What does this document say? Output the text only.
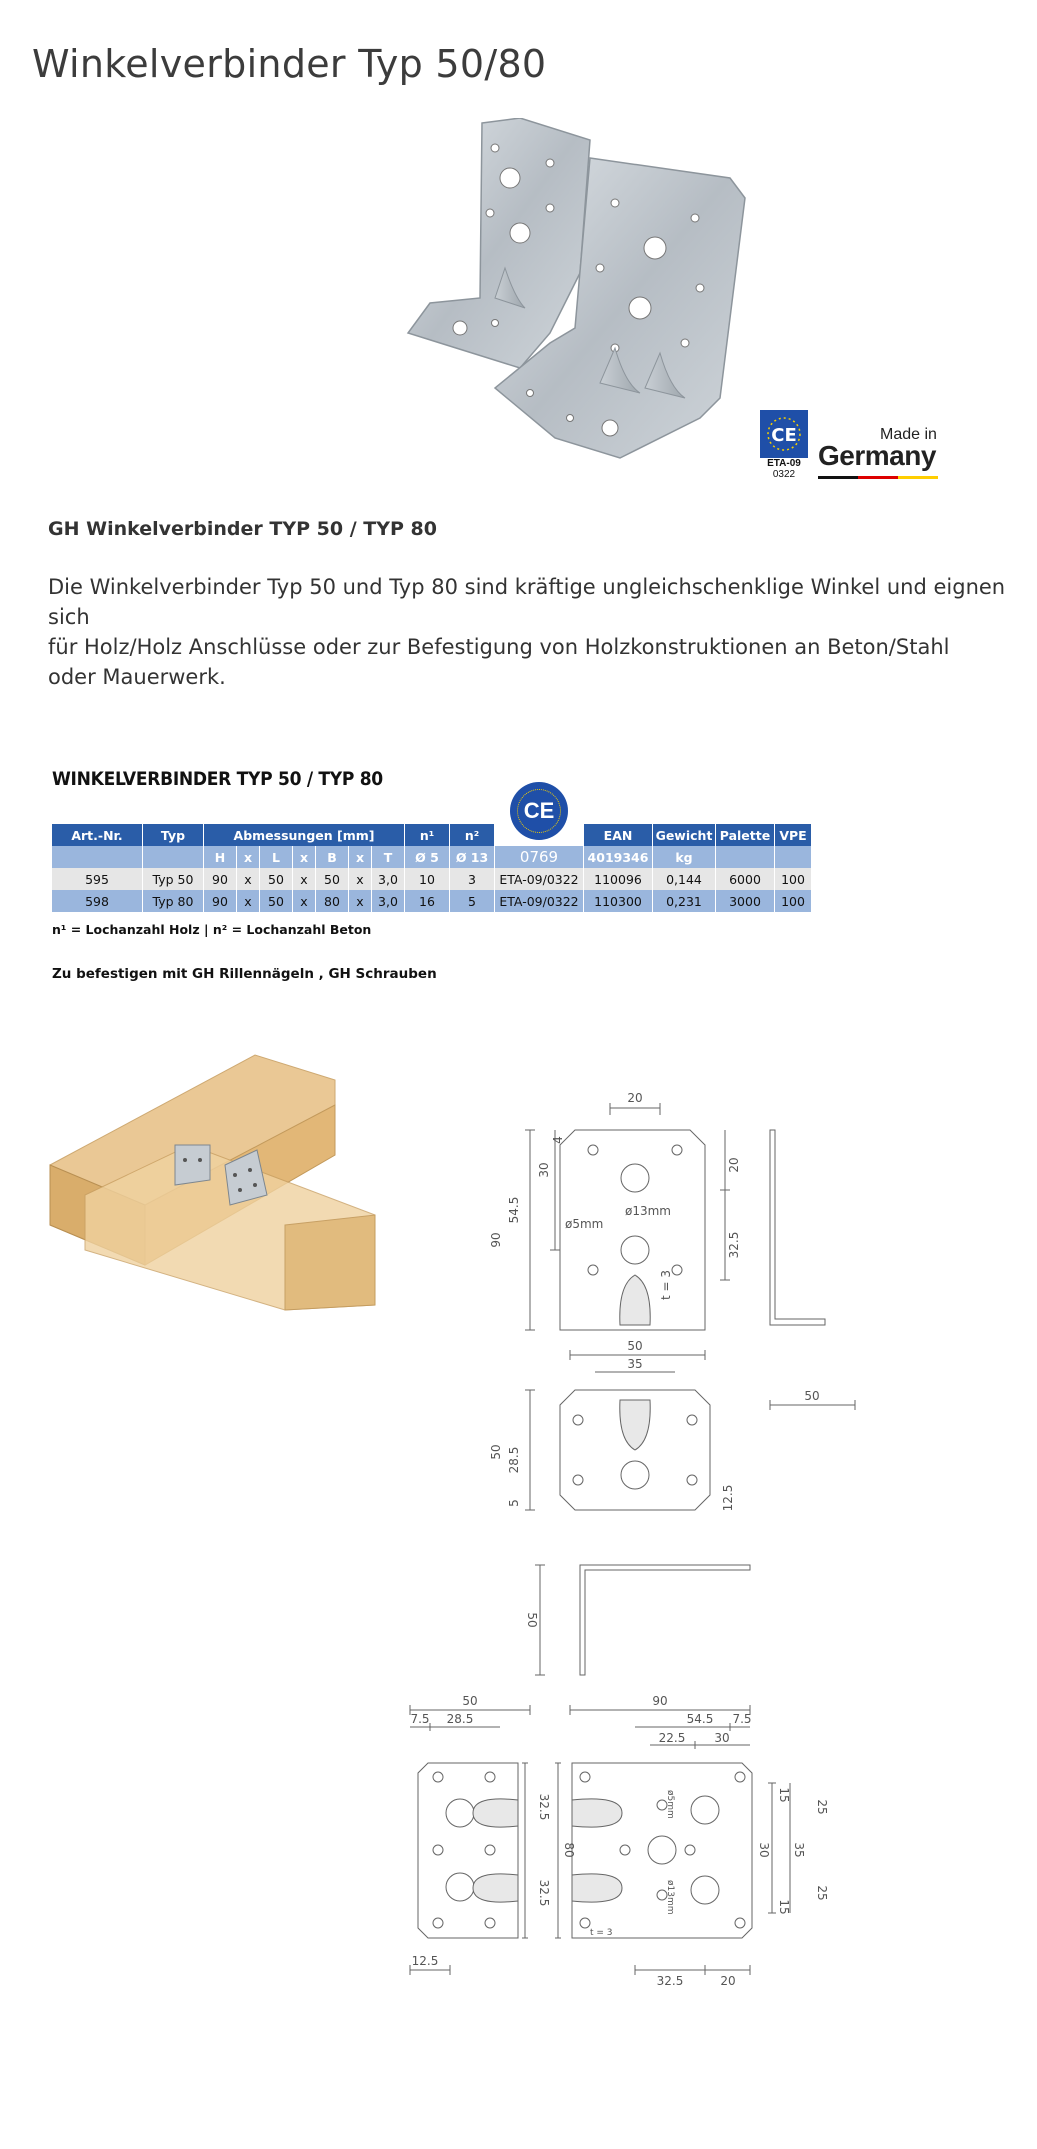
Winkelverbinder Typ 50/80
CE
ETA-09
0322
Made in
Germany
GH Winkelverbinder TYP 50 / TYP 80

Die Winkelverbinder Typ 50 und Typ 80 sind kräftige ungleichschenklige Winkel und eignen sich
für Holz/Holz Anschlüsse oder zur Befestigung von Holzkonstruktionen an Beton/Stahl
oder Mauerwerk.

WINKELVERBINDER TYP 50 / TYP 80
Art.-Nr.	Typ	Abmessungen [mm]							n¹	n²	CE	EAN	Gewicht	Palette	VPE
		H	x	L	x	B	x	T	Ø 5	Ø 13	0769	4019346	kg		
595	Typ 50	90	x	50	x	50	x	3,0	10	3	ETA-09/0322	110096	0,144	6000	100
598	Typ 80	90	x	50	x	80	x	3,0	16	5	ETA-09/0322	110300	0,231	3000	100
n¹ = Lochanzahl Holz | n² = Lochanzahl Beton
Zu befestigen mit GH Rillennägeln , GH Schrauben
20
4
30
54.5
90
20
32.5
ø5mm
ø13mm
t = 3
50
35
50
50 28.5
5	12.5
50
50
7.5 28.5
90
54.5 7.5
22.5 30
ø5mm
ø13mm
32.5
32.5
80
t = 3
30 35
15
15
25
25
12.5
32.5	20
